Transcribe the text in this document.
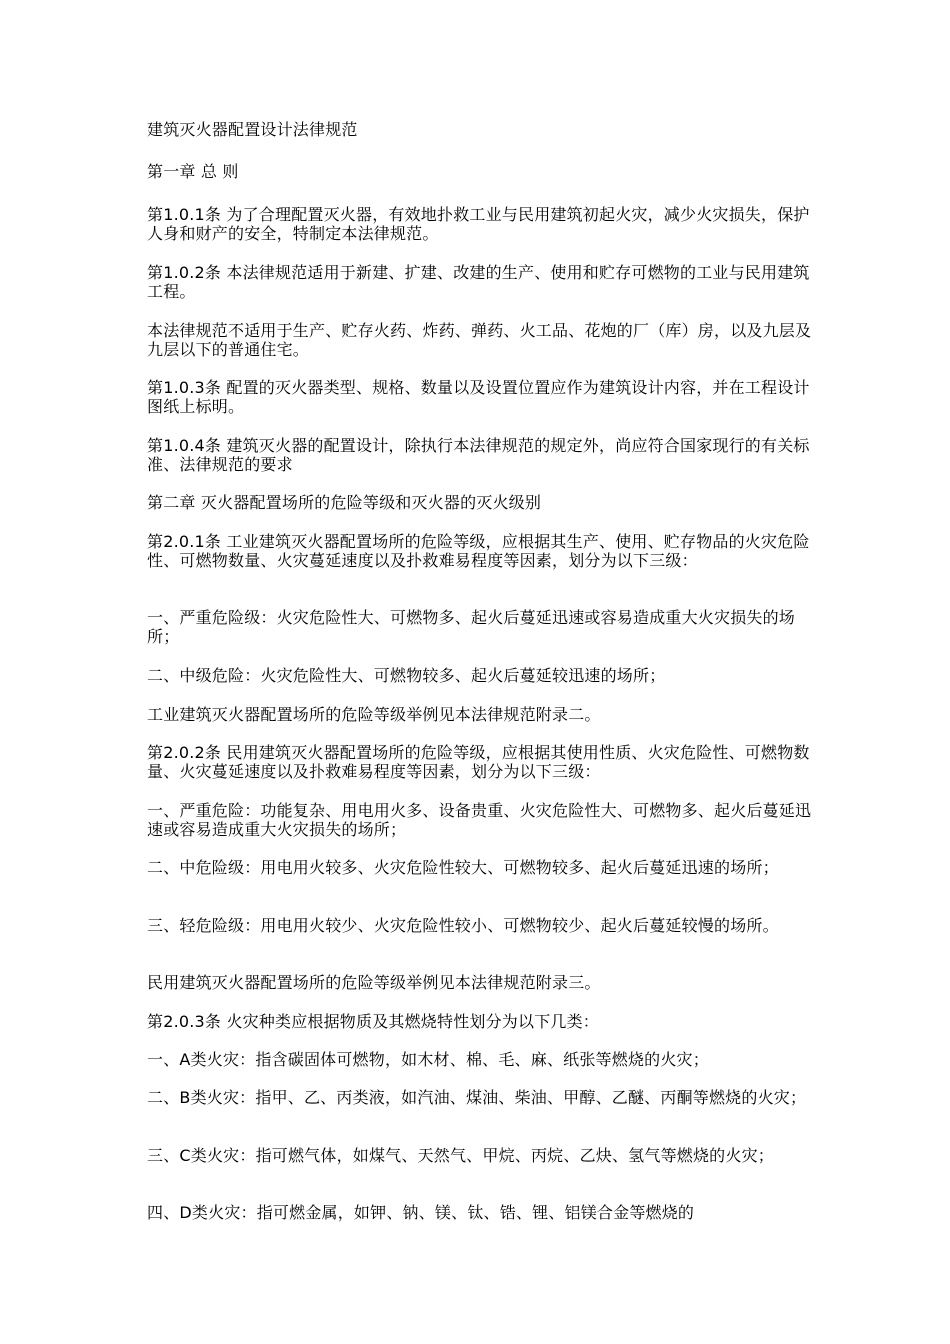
建筑灭火器配置设计法律规范

第一章 总 则

第1.0.1条 为了合理配置灭火器，有效地扑救工业与民用建筑初起火灾，减少火灾损失，保护人身和财产的安全，特制定本法律规范。

第1.0.2条 本法律规范适用于新建、扩建、改建的生产、使用和贮存可燃物的工业与民用建筑工程。

本法律规范不适用于生产、贮存火药、炸药、弹药、火工品、花炮的厂（库）房，以及九层及九层以下的普通住宅。

第1.0.3条 配置的灭火器类型、规格、数量以及设置位置应作为建筑设计内容，并在工程设计图纸上标明。

第1.0.4条 建筑灭火器的配置设计，除执行本法律规范的规定外，尚应符合国家现行的有关标准、法律规范的要求

第二章 灭火器配置场所的危险等级和灭火器的灭火级别

第2.0.1条 工业建筑灭火器配置场所的危险等级，应根据其生产、使用、贮存物品的火灾危险性、可燃物数量、火灾蔓延速度以及扑救难易程度等因素，划分为以下三级：

一、严重危险级：火灾危险性大、可燃物多、起火后蔓延迅速或容易造成重大火灾损失的场所；

二、中级危险：火灾危险性大、可燃物较多、起火后蔓延较迅速的场所；

工业建筑灭火器配置场所的危险等级举例见本法律规范附录二。

第2.0.2条 民用建筑灭火器配置场所的危险等级，应根据其使用性质、火灾危险性、可燃物数量、火灾蔓延速度以及扑救难易程度等因素，划分为以下三级：

一、严重危险：功能复杂、用电用火多、设备贵重、火灾危险性大、可燃物多、起火后蔓延迅速或容易造成重大火灾损失的场所；

二、中危险级：用电用火较多、火灾危险性较大、可燃物较多、起火后蔓延迅速的场所；

三、轻危险级：用电用火较少、火灾危险性较小、可燃物较少、起火后蔓延较慢的场所。

民用建筑灭火器配置场所的危险等级举例见本法律规范附录三。

第2.0.3条 火灾种类应根据物质及其燃烧特性划分为以下几类：

一、A类火灾：指含碳固体可燃物，如木材、棉、毛、麻、纸张等燃烧的火灾；

二、B类火灾：指甲、乙、丙类液，如汽油、煤油、柴油、甲醇、乙醚、丙酮等燃烧的火灾；

三、C类火灾：指可燃气体，如煤气、天然气、甲烷、丙烷、乙炔、氢气等燃烧的火灾；

四、D类火灾：指可燃金属，如钾、钠、镁、钛、锆、锂、铝镁合金等燃烧的
